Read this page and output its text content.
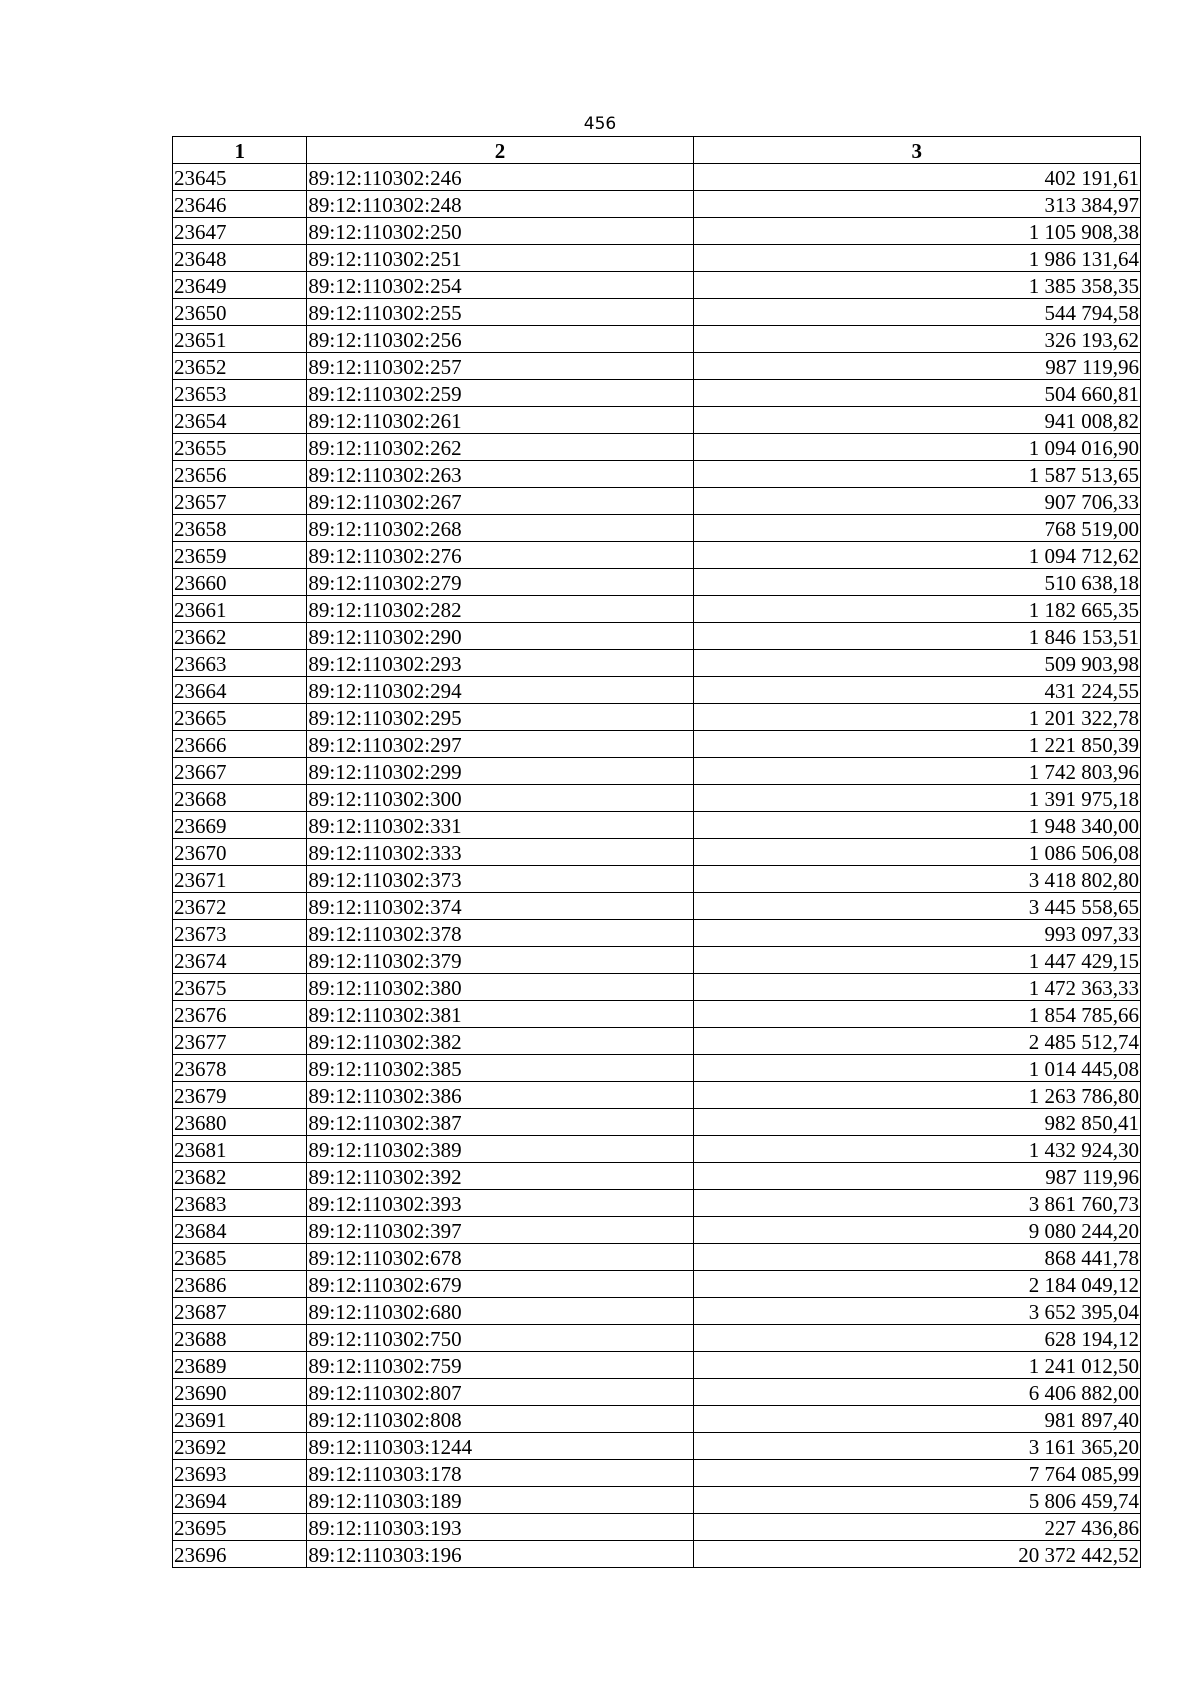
456
1	2	3
23645	89:12:110302:246	402 191,61
23646	89:12:110302:248	313 384,97
23647	89:12:110302:250	1 105 908,38
23648	89:12:110302:251	1 986 131,64
23649	89:12:110302:254	1 385 358,35
23650	89:12:110302:255	544 794,58
23651	89:12:110302:256	326 193,62
23652	89:12:110302:257	987 119,96
23653	89:12:110302:259	504 660,81
23654	89:12:110302:261	941 008,82
23655	89:12:110302:262	1 094 016,90
23656	89:12:110302:263	1 587 513,65
23657	89:12:110302:267	907 706,33
23658	89:12:110302:268	768 519,00
23659	89:12:110302:276	1 094 712,62
23660	89:12:110302:279	510 638,18
23661	89:12:110302:282	1 182 665,35
23662	89:12:110302:290	1 846 153,51
23663	89:12:110302:293	509 903,98
23664	89:12:110302:294	431 224,55
23665	89:12:110302:295	1 201 322,78
23666	89:12:110302:297	1 221 850,39
23667	89:12:110302:299	1 742 803,96
23668	89:12:110302:300	1 391 975,18
23669	89:12:110302:331	1 948 340,00
23670	89:12:110302:333	1 086 506,08
23671	89:12:110302:373	3 418 802,80
23672	89:12:110302:374	3 445 558,65
23673	89:12:110302:378	993 097,33
23674	89:12:110302:379	1 447 429,15
23675	89:12:110302:380	1 472 363,33
23676	89:12:110302:381	1 854 785,66
23677	89:12:110302:382	2 485 512,74
23678	89:12:110302:385	1 014 445,08
23679	89:12:110302:386	1 263 786,80
23680	89:12:110302:387	982 850,41
23681	89:12:110302:389	1 432 924,30
23682	89:12:110302:392	987 119,96
23683	89:12:110302:393	3 861 760,73
23684	89:12:110302:397	9 080 244,20
23685	89:12:110302:678	868 441,78
23686	89:12:110302:679	2 184 049,12
23687	89:12:110302:680	3 652 395,04
23688	89:12:110302:750	628 194,12
23689	89:12:110302:759	1 241 012,50
23690	89:12:110302:807	6 406 882,00
23691	89:12:110302:808	981 897,40
23692	89:12:110303:1244	3 161 365,20
23693	89:12:110303:178	7 764 085,99
23694	89:12:110303:189	5 806 459,74
23695	89:12:110303:193	227 436,86
23696	89:12:110303:196	20 372 442,52
